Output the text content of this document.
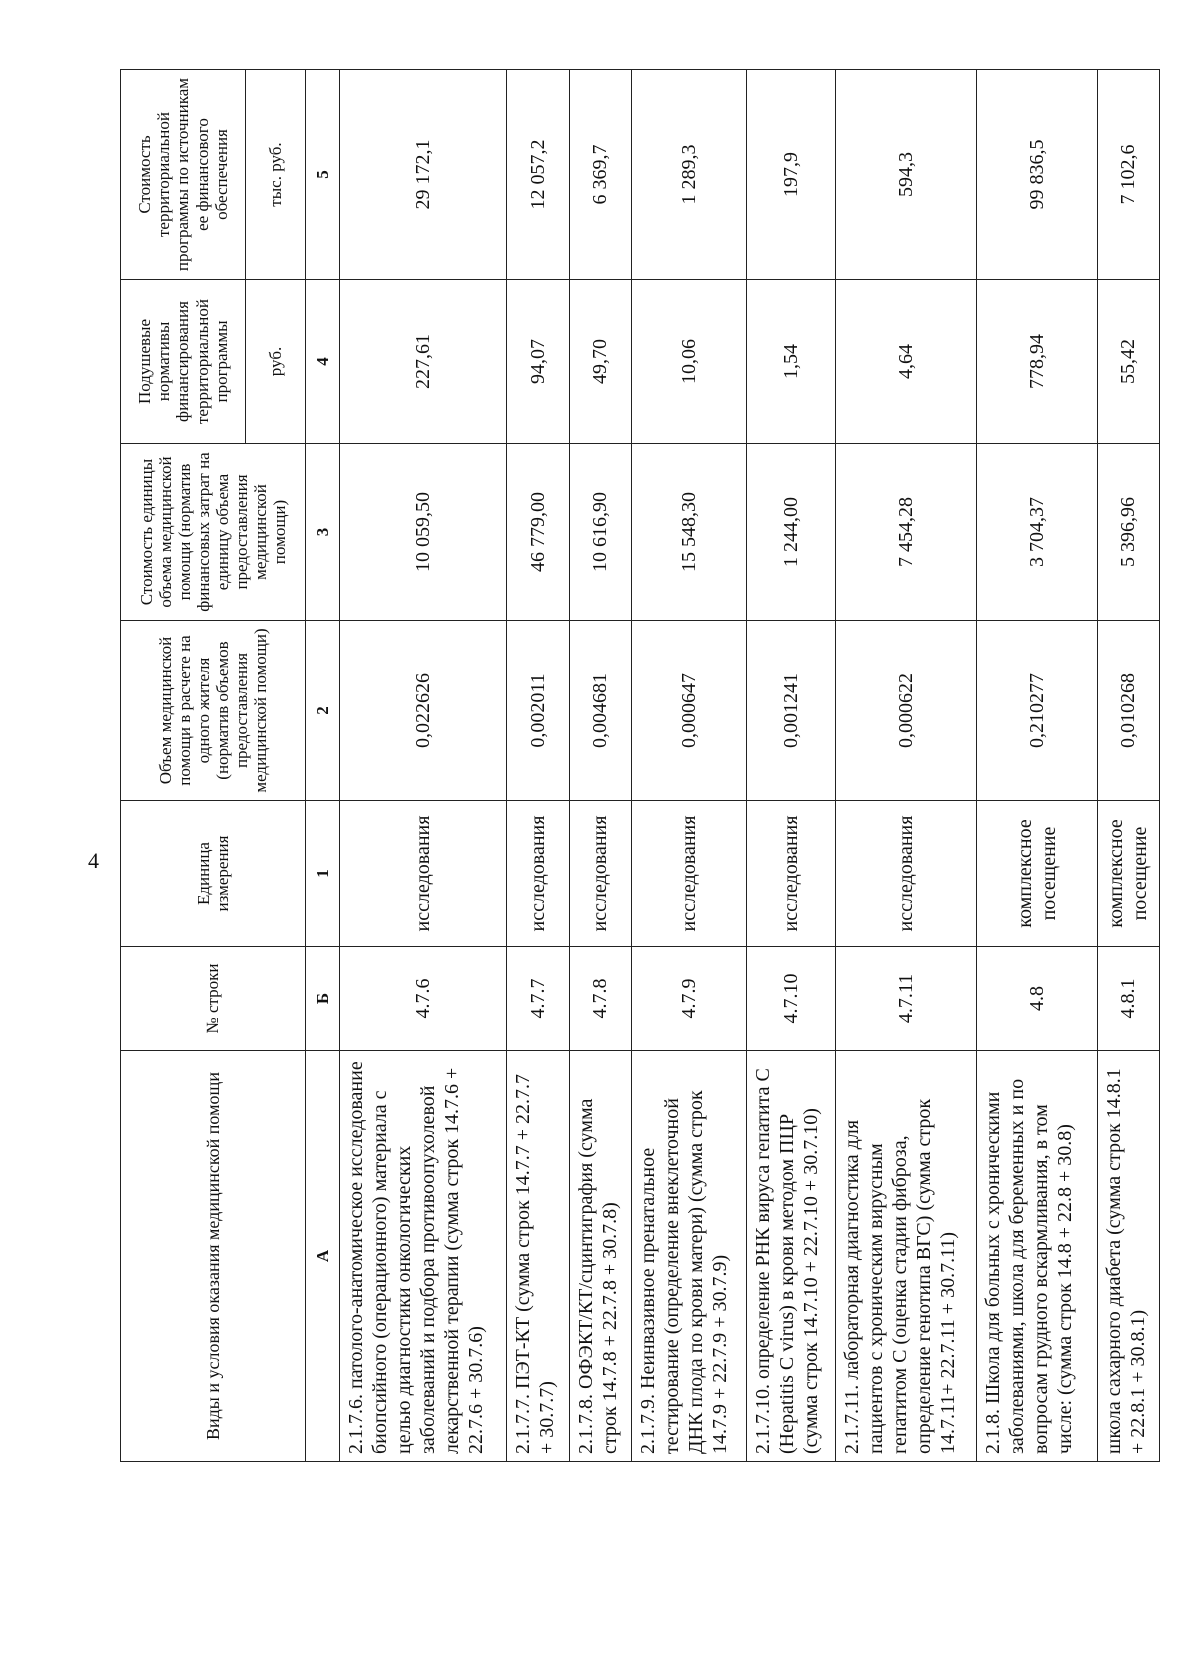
4
Виды и условия оказания медицинской помощи	№ строки	Единица измерения	Объем медицинской помощи в расчете на одного жителя (норматив объемов предоставления медицинской помощи)	Стоимость единицы объема медицинской помощи (норматив финансовых затрат на единицу объема предоставления медицинской помощи)	Подушевые нормативы финансирования территориальной программы	Стоимость территориальной программы по источникам ее финансового обеспечения
					руб.	тыс. руб.
А	Б	1	2	3	4	5
2.1.7.6. патолого-анатомическое исследование биопсийного (операционного) материала с целью диагностики онкологических заболеваний и подбора противоопухолевой лекарственной терапии (сумма строк 14.7.6 + 22.7.6 + 30.7.6)	4.7.6	исследования	0,022626	10 059,50	227,61	29 172,1
2.1.7.7. ПЭТ-КТ (сумма строк 14.7.7 + 22.7.7 + 30.7.7)	4.7.7	исследования	0,002011	46 779,00	94,07	12 057,2
2.1.7.8. ОФЭКТ/КТ/сцинтиграфия (сумма строк 14.7.8 + 22.7.8 + 30.7.8)	4.7.8	исследования	0,004681	10 616,90	49,70	6 369,7
2.1.7.9. Неинвазивное пренатальное тестирование (определение внеклеточной ДНК плода по крови матери) (сумма строк 14.7.9 + 22.7.9 + 30.7.9)	4.7.9	исследования	0,000647	15 548,30	10,06	1 289,3
2.1.7.10. определение РНК вируса гепатита С (Hepatitis C virus) в крови методом ПЦР (сумма строк 14.7.10 + 22.7.10 + 30.7.10)	4.7.10	исследования	0,001241	1 244,00	1,54	197,9
2.1.7.11. лабораторная диагностика для пациентов с хроническим вирусным гепатитом С (оценка стадии фиброза, определение генотипа ВГС) (сумма строк 14.7.11+ 22.7.11 + 30.7.11)	4.7.11	исследования	0,000622	7 454,28	4,64	594,3
2.1.8. Школа для больных с хроническими заболеваниями, школа для беременных и по вопросам грудного вскармливания, в том числе: (сумма строк 14.8 + 22.8 + 30.8)	4.8	комплексное посещение	0,210277	3 704,37	778,94	99 836,5
школа сахарного диабета (сумма строк 14.8.1 + 22.8.1 + 30.8.1)	4.8.1	комплексное посещение	0,010268	5 396,96	55,42	7 102,6
